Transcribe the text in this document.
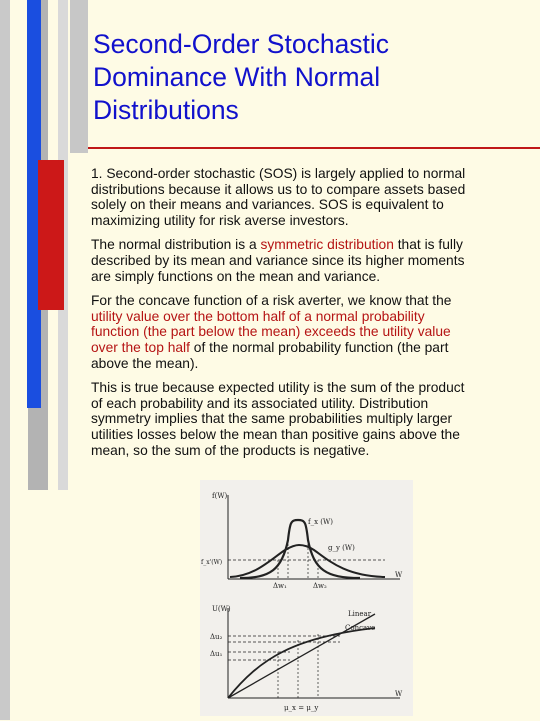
Second-Order Stochastic
Dominance With Normal
Distributions

1. Second-order stochastic (SOS) is largely applied to normal
distributions because it allows us to to compare assets based
solely on their means and variances. SOS is equivalent to
maximizing utility for risk averse investors.

The normal distribution is a symmetric distribution that is fully
described by its mean and variance since its higher moments
are simply functions on the mean and variance.

For the concave function of a risk averter, we know that the
utility value over the bottom half of a normal probability
function (the part below the mean) exceeds the utility value
over the top half of the normal probability function (the part
above the mean).

This is true because expected utility is the sum of the product
of each probability and its associated utility. Distribution
symmetry implies that the same probabilities multiply larger
utilities losses below the mean than positive gains above the
mean, so the sum of the products is negative.

f(W)
W
f_x (W)
g_y (W)
f_x'(W)
Δw₁	Δw₂
U(W)
W
Linear
Concave
Δu₂
Δu₁
μ_x = μ_y
